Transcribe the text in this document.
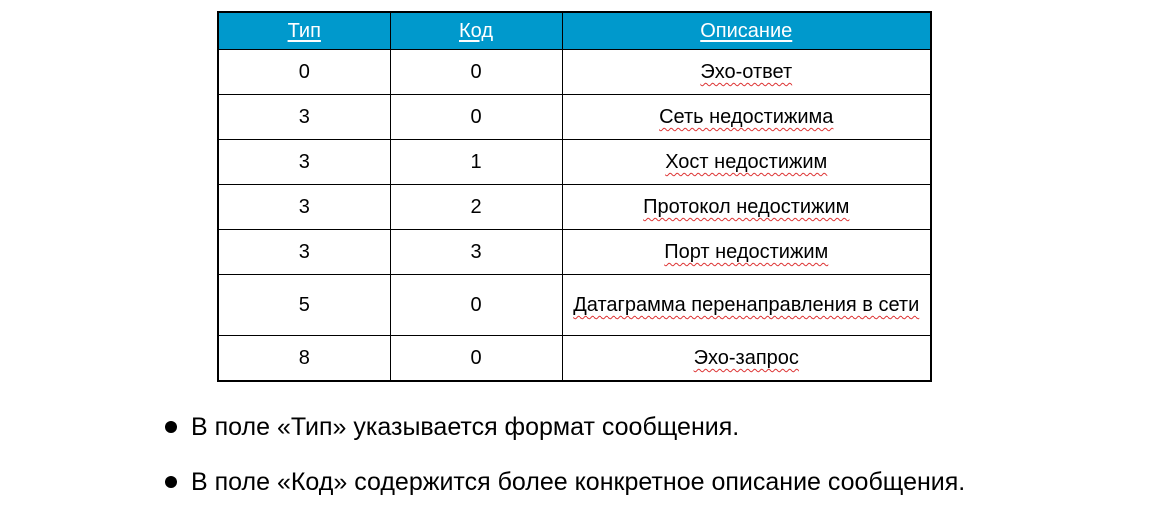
Тип	Код	Описание
0	0	Эхо-ответ
3	0	Сеть недостижима
3	1	Хост недостижим
3	2	Протокол недостижим
3	3	Порт недостижим
5	0	Датаграмма перенаправления в сети
8	0	Эхо-запрос
В поле «Тип» указывается формат сообщения.
В поле «Код» содержится более конкретное описание сообщения.
